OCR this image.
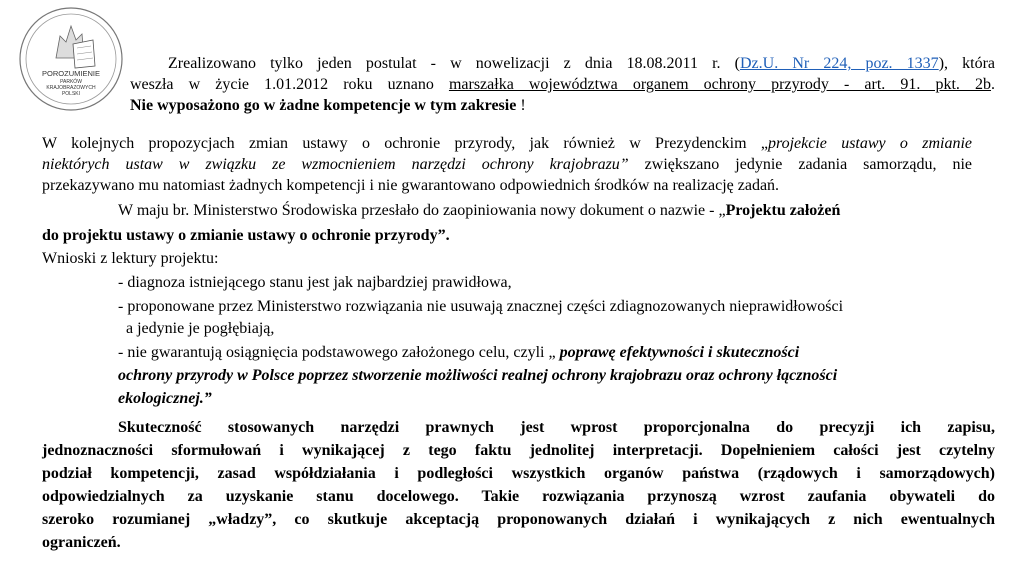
POROZUMIENIE
PARKÓW
KRAJOBRAZOWYCH
POLSKI
Zrealizowano tylko jeden postulat - w nowelizacji z dnia 18.08.2011 r. (Dz.U. Nr 224, poz. 1337), która
weszła w życie 1.01.2012 roku uznano marszałka województwa organem ochrony przyrody - art. 91. pkt. 2b.
Nie wyposażono go w żadne kompetencje w tym zakresie !
W kolejnych propozycjach zmian ustawy o ochronie przyrody, jak również w Prezydenckim „projekcie ustawy o zmianie
niektórych ustaw w związku ze wzmocnieniem narzędzi ochrony krajobrazu” zwiększano jedynie zadania samorządu, nie
przekazywano mu natomiast żadnych kompetencji i nie gwarantowano odpowiednich środków na realizację zadań.
W maju br. Ministerstwo Środowiska przesłało do zaopiniowania nowy dokument o nazwie - „Projektu założeń
do projektu ustawy o zmianie ustawy o ochronie przyrody”.
Wnioski z lektury projektu:
- diagnoza istniejącego stanu jest jak najbardziej prawidłowa,
- proponowane przez Ministerstwo rozwiązania nie usuwają znacznej części zdiagnozowanych nieprawidłowości
a jedynie je pogłębiają,
- nie gwarantują osiągnięcia podstawowego założonego celu, czyli „ poprawę efektywności i skuteczności
ochrony przyrody w Polsce poprzez stworzenie możliwości realnej ochrony krajobrazu oraz ochrony łączności
ekologicznej.”
Skuteczność stosowanych narzędzi prawnych jest wprost proporcjonalna do precyzji ich zapisu,
jednoznaczności sformułowań i wynikającej z tego faktu jednolitej interpretacji. Dopełnieniem całości jest czytelny
podział kompetencji, zasad współdziałania i podległości wszystkich organów państwa (rządowych i samorządowych)
odpowiedzialnych za uzyskanie stanu docelowego. Takie rozwiązania przynoszą wzrost zaufania obywateli do
szeroko rozumianej „władzy”, co skutkuje akceptacją proponowanych działań i wynikających z nich ewentualnych
ograniczeń.
